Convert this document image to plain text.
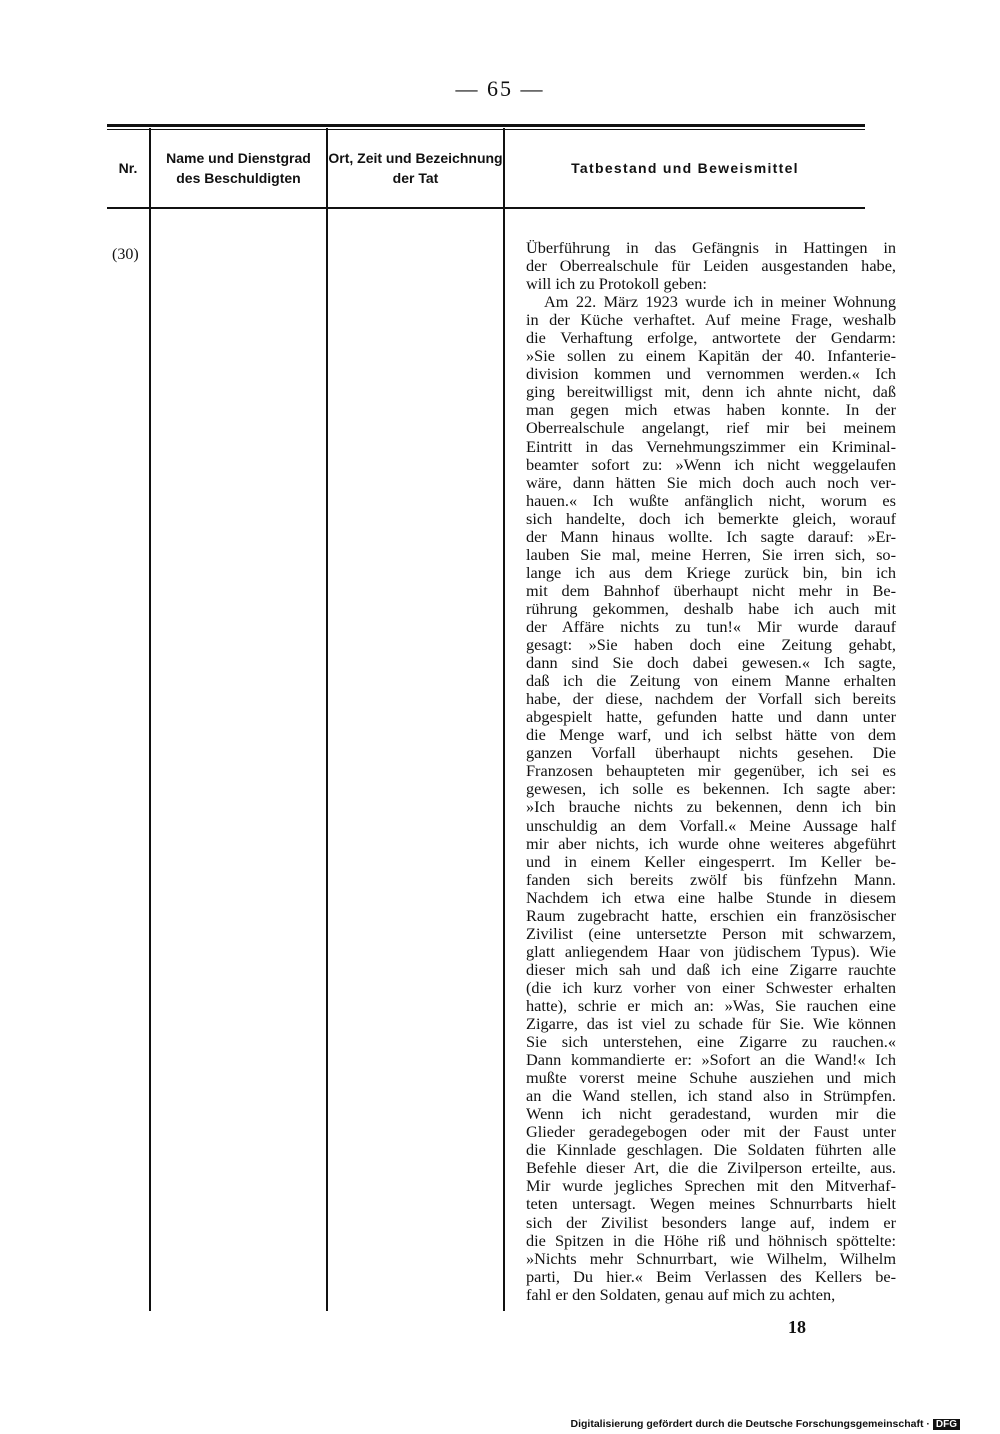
— 65 —
Nr.
Name und Dienstgrad
des Beschuldigten
Ort, Zeit und Bezeichnung
der Tat
Tatbestand und Beweismittel
(30)	Überführung in das Gefängnis in Hattingen in
der Oberrealschule für Leiden ausgestanden habe,
will ich zu Protokoll geben:
Am 22. März 1923 wurde ich in meiner Wohnung
in der Küche verhaftet. Auf meine Frage, weshalb
die Verhaftung erfolge, antwortete der Gendarm:
»Sie sollen zu einem Kapitän der 40. Infanterie-
division kommen und vernommen werden.« Ich
ging bereitwilligst mit, denn ich ahnte nicht, daß
man gegen mich etwas haben konnte. In der
Oberrealschule angelangt, rief mir bei meinem
Eintritt in das Vernehmungszimmer ein Kriminal-
beamter sofort zu: »Wenn ich nicht weggelaufen
wäre, dann hätten Sie mich doch auch noch ver-
hauen.« Ich wußte anfänglich nicht, worum es
sich handelte, doch ich bemerkte gleich, worauf
der Mann hinaus wollte. Ich sagte darauf: »Er-
lauben Sie mal, meine Herren, Sie irren sich, so-
lange ich aus dem Kriege zurück bin, bin ich
mit dem Bahnhof überhaupt nicht mehr in Be-
rührung gekommen, deshalb habe ich auch mit
der Affäre nichts zu tun!« Mir wurde darauf
gesagt: »Sie haben doch eine Zeitung gehabt,
dann sind Sie doch dabei gewesen.« Ich sagte,
daß ich die Zeitung von einem Manne erhalten
habe, der diese, nachdem der Vorfall sich bereits
abgespielt hatte, gefunden hatte und dann unter
die Menge warf, und ich selbst hätte von dem
ganzen Vorfall überhaupt nichts gesehen. Die
Franzosen behaupteten mir gegenüber, ich sei es
gewesen, ich solle es bekennen. Ich sagte aber:
»Ich brauche nichts zu bekennen, denn ich bin
unschuldig an dem Vorfall.« Meine Aussage half
mir aber nichts, ich wurde ohne weiteres abgeführt
und in einem Keller eingesperrt. Im Keller be-
fanden sich bereits zwölf bis fünfzehn Mann.
Nachdem ich etwa eine halbe Stunde in diesem
Raum zugebracht hatte, erschien ein französischer
Zivilist (eine untersetzte Person mit schwarzem,
glatt anliegendem Haar von jüdischem Typus). Wie
dieser mich sah und daß ich eine Zigarre rauchte
(die ich kurz vorher von einer Schwester erhalten
hatte), schrie er mich an: »Was, Sie rauchen eine
Zigarre, das ist viel zu schade für Sie. Wie können
Sie sich unterstehen, eine Zigarre zu rauchen.«
Dann kommandierte er: »Sofort an die Wand!« Ich
mußte vorerst meine Schuhe ausziehen und mich
an die Wand stellen, ich stand also in Strümpfen.
Wenn ich nicht geradestand, wurden mir die
Glieder geradegebogen oder mit der Faust unter
die Kinnlade geschlagen. Die Soldaten führten alle
Befehle dieser Art, die die Zivilperson erteilte, aus.
Mir wurde jegliches Sprechen mit den Mitverhaf-
teten untersagt. Wegen meines Schnurrbarts hielt
sich der Zivilist besonders lange auf, indem er
die Spitzen in die Höhe riß und höhnisch spöttelte:
»Nichts mehr Schnurrbart, wie Wilhelm, Wilhelm
parti, Du hier.« Beim Verlassen des Kellers be-
fahl er den Soldaten, genau auf mich zu achten,
18
Digitalisierung gefördert durch die Deutsche Forschungsgemeinschaft · DFG
